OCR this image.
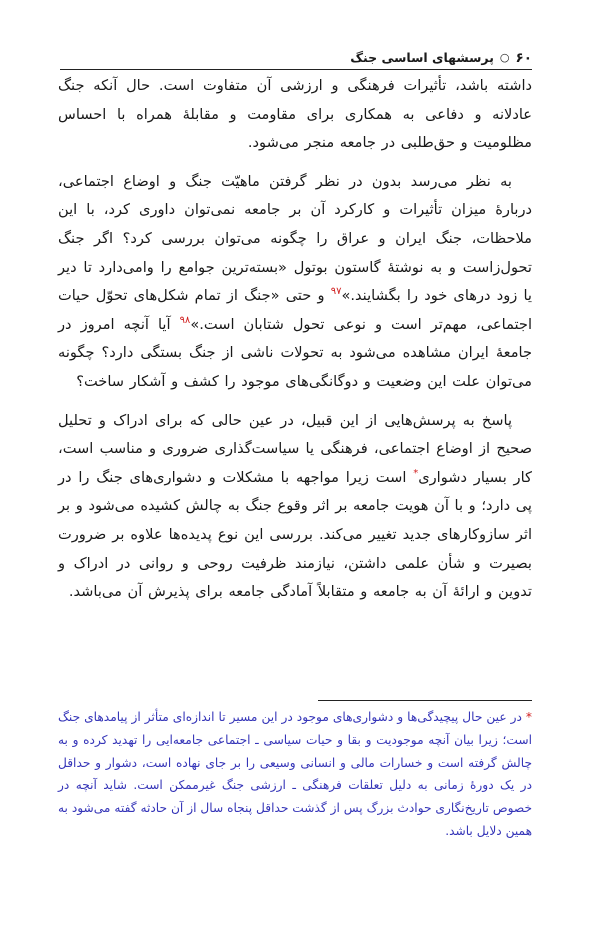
۶۰
○
پرسشهای اساسی جنگ

داشته باشد، تأثیرات فرهنگی و ارزشی آن متفاوت است. حال آنکه جنگ عادلانه و دفاعی به همکاری برای مقاومت و مقابلهٔ همراه با احساس مظلومیت و حق‌طلبی در جامعه منجر می‌شود.

به نظر می‌رسد بدون در نظر گرفتن ماهیّت جنگ و اوضاع اجتماعی، دربارهٔ میزان تأثیرات و کارکرد آن بر جامعه نمی‌توان داوری کرد، با این ملاحظات، جنگ ایران و عراق را چگونه می‌توان بررسی کرد؟ اگر جنگ تحول‌زاست و به نوشتهٔ گاستون بوتول «بسته‌ترین جوامع را وامی‌دارد تا دیر یا زود درهای خود را بگشایند.»$^{۹۷}$ و حتی «جنگ از تمام شکل‌های تحوّل حیات اجتماعی، مهم‌تر است و نوعی تحول شتابان است.»$^{۹۸}$ آیا آنچه امروز در جامعهٔ ایران مشاهده می‌شود به تحولات ناشی از جنگ بستگی دارد؟ چگونه می‌توان علت این وضعیت و دوگانگی‌های موجود را کشف و آشکار ساخت؟

پاسخ به پرسش‌هایی از این قبیل، در عین حالی که برای ادراک و تحلیل صحیح از اوضاع اجتماعی، فرهنگی یا سیاست‌گذاری ضروری و مناسب است، کار بسیار دشواری* است زیرا مواجهه با مشکلات و دشواری‌های جنگ را در پی دارد؛ و با آن هویت جامعه بر اثر وقوع جنگ به چالش کشیده می‌شود و بر اثر سازوکارهای جدید تغییر می‌کند. بررسی این نوع پدیده‌ها علاوه بر ضرورت بصیرت و شأن علمی داشتن، نیازمند ظرفیت روحی و روانی در ادراک و تدوین و ارائهٔ آن به جامعه و متقابلاً آمادگی جامعه برای پذیرش آن می‌باشد.

* در عین حال پیچیدگی‌ها و دشواری‌های موجود در این مسیر تا اندازه‌ای متأثر از پیامدهای جنگ است؛ زیرا بیان آنچه موجودیت و بقا و حیات سیاسی ـ اجتماعی جامعه‌ایی را تهدید کرده و به چالش گرفته است و خسارات مالی و انسانی وسیعی را بر جای نهاده است، دشوار و حداقل در یک دورهٔ زمانی به دلیل تعلقات فرهنگی ـ ارزشی جنگ غیرممکن است. شاید آنچه در خصوص تاریخ‌نگاری حوادث بزرگ پس از گذشت حداقل پنجاه سال از آن حادثه گفته می‌شود به همین دلایل باشد.
